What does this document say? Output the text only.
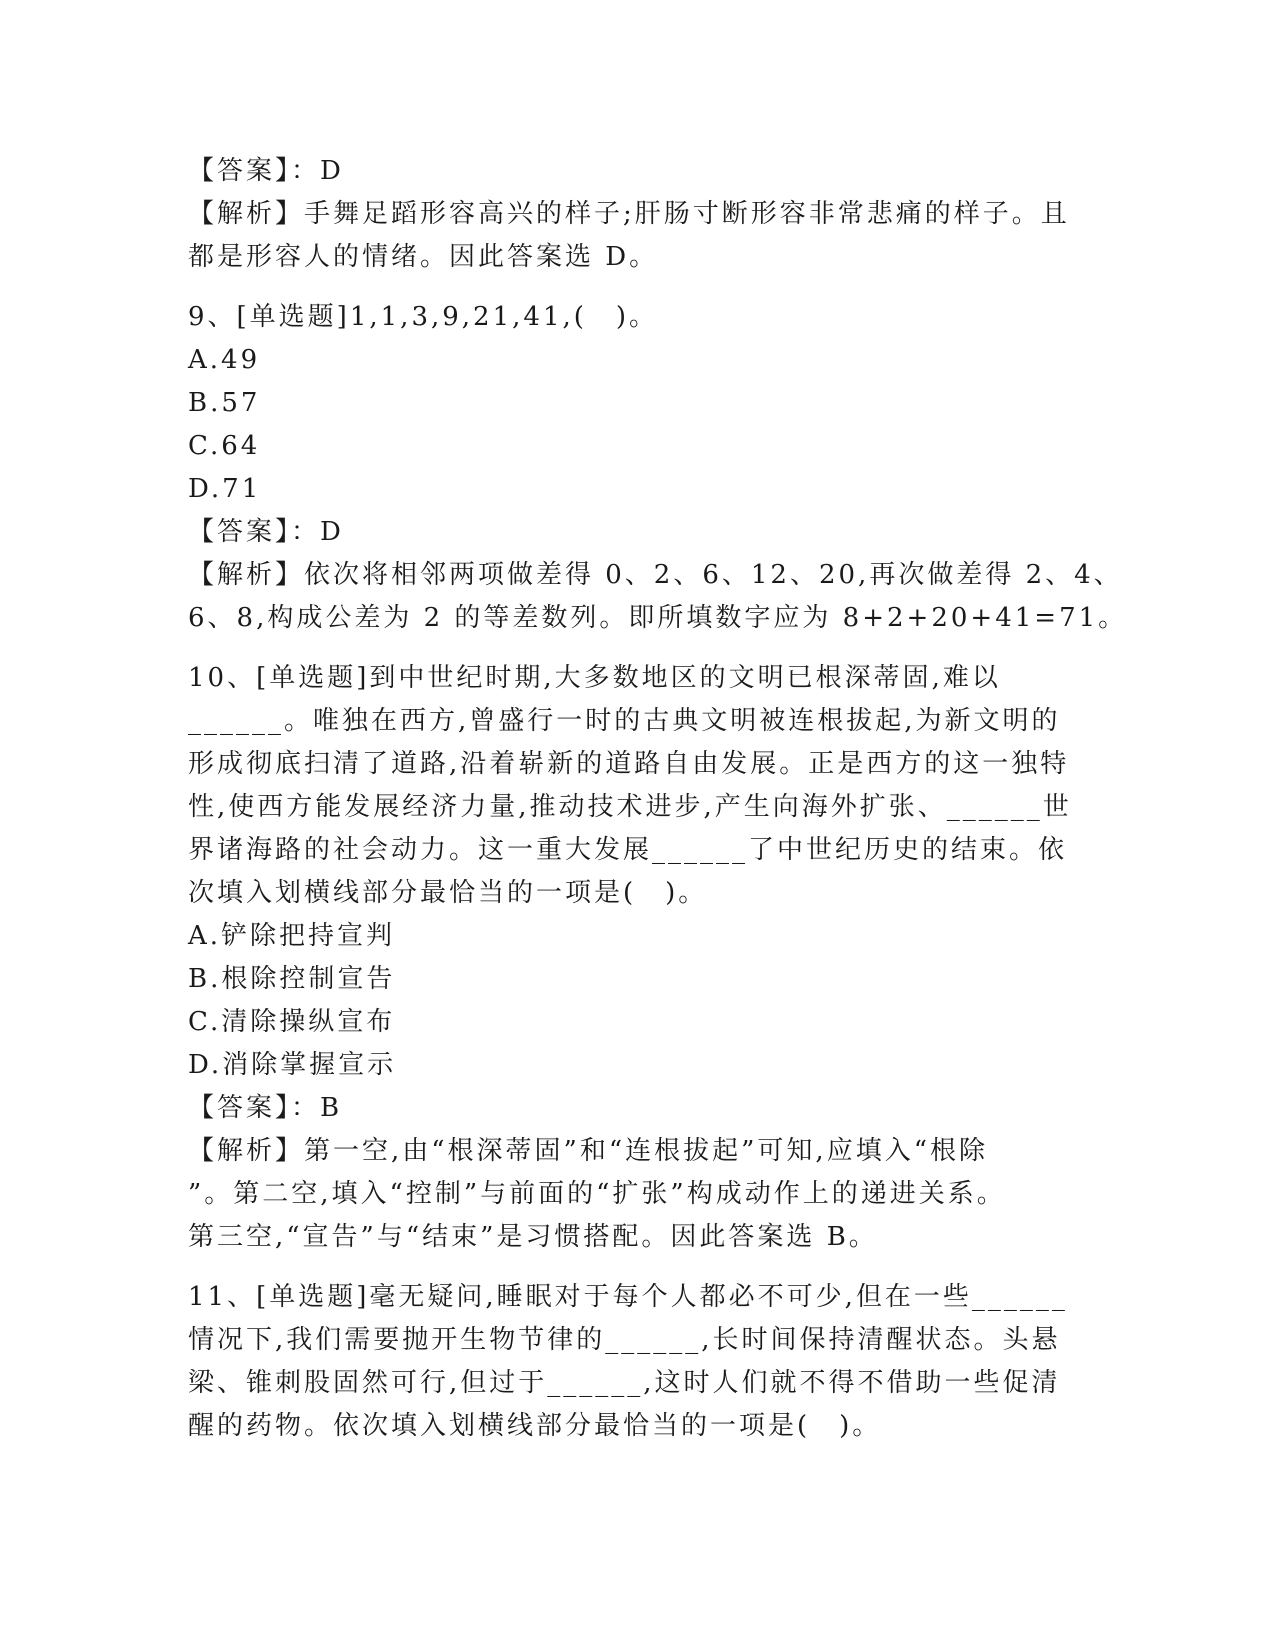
【答案】：D
【解析】手舞足蹈形容高兴的样子;肝肠寸断形容非常悲痛的样子。且
都是形容人的情绪。因此答案选 D。
9、[单选题]1,1,3,9,21,41,(　)。
A.49
B.57
C.64
D.71
【答案】：D
【解析】依次将相邻两项做差得 0、2、6、12、20,再次做差得 2、4、
6、8,构成公差为 2 的等差数列。即所填数字应为 8+2+20+41=71。
10、[单选题]到中世纪时期,大多数地区的文明已根深蒂固,难以
______。唯独在西方,曾盛行一时的古典文明被连根拔起,为新文明的
形成彻底扫清了道路,沿着崭新的道路自由发展。正是西方的这一独特
性,使西方能发展经济力量,推动技术进步,产生向海外扩张、______世
界诸海路的社会动力。这一重大发展______了中世纪历史的结束。依
次填入划横线部分最恰当的一项是(　)。
A.铲除把持宣判
B.根除控制宣告
C.清除操纵宣布
D.消除掌握宣示
【答案】：B
【解析】第一空,由“根深蒂固”和“连根拔起”可知,应填入“根除
”。第二空,填入“控制”与前面的“扩张”构成动作上的递进关系。
第三空,“宣告”与“结束”是习惯搭配。因此答案选 B。
11、[单选题]毫无疑问,睡眠对于每个人都必不可少,但在一些______
情况下,我们需要抛开生物节律的______,长时间保持清醒状态。头悬
梁、锥刺股固然可行,但过于______,这时人们就不得不借助一些促清
醒的药物。依次填入划横线部分最恰当的一项是(　)。
